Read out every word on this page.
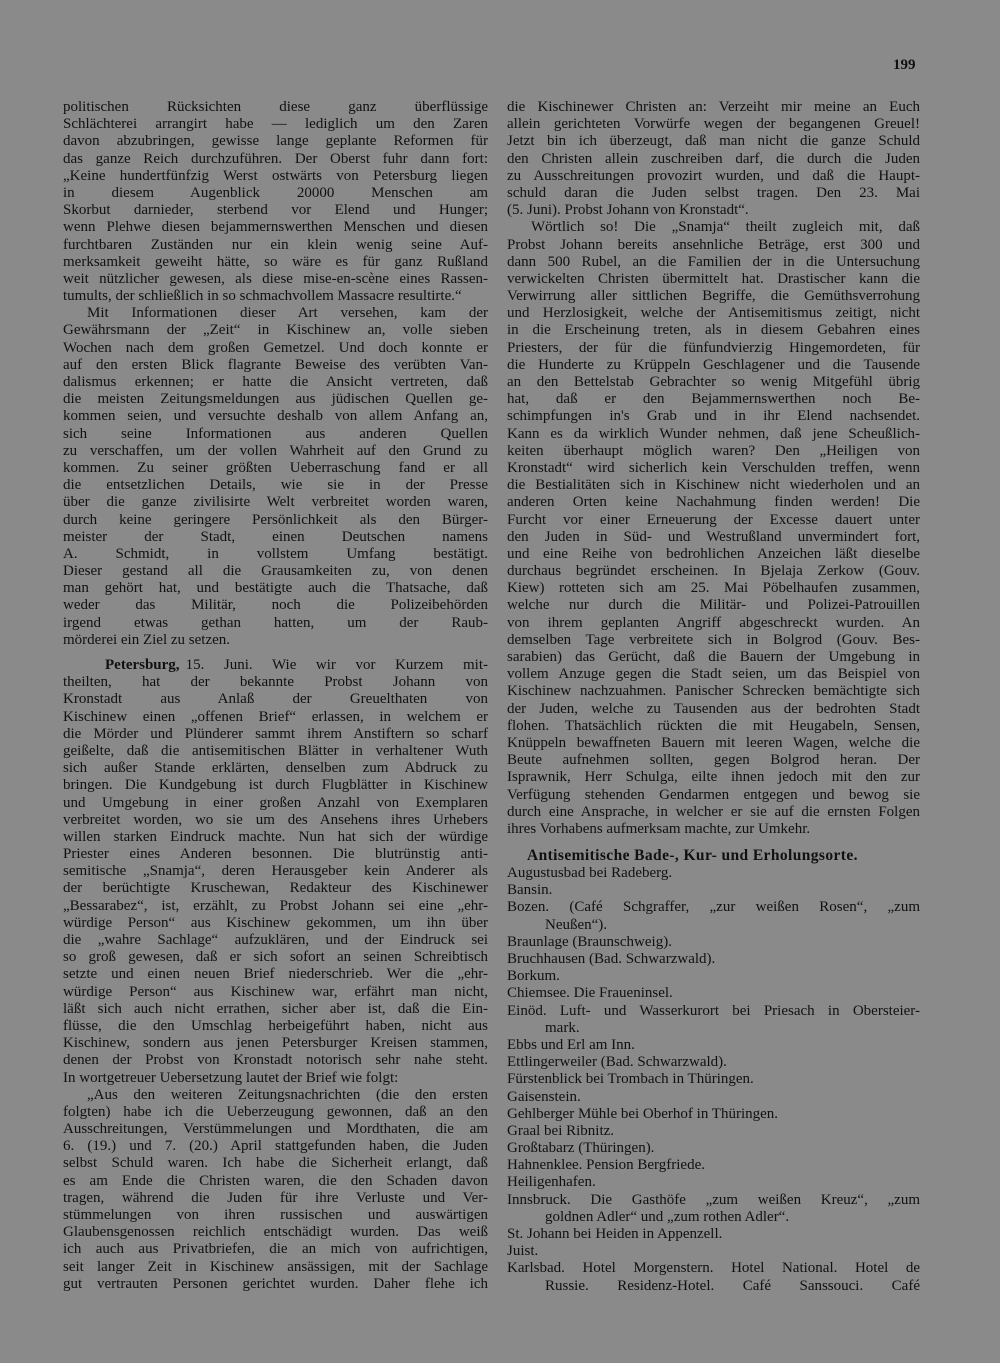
199
politischen Rücksichten diese ganz überflüssige
Schlächterei arrangirt habe — lediglich um den Zaren
davon abzubringen, gewisse lange geplante Reformen für
das ganze Reich durchzuführen. Der Oberst fuhr dann fort:
„Keine hundertfünfzig Werst ostwärts von Petersburg liegen
in diesem Augenblick 20000 Menschen am
Skorbut darnieder, sterbend vor Elend und Hunger;
wenn Plehwe diesen bejammernswerthen Menschen und diesen
furchtbaren Zuständen nur ein klein wenig seine Auf-
merksamkeit geweiht hätte, so wäre es für ganz Rußland
weit nützlicher gewesen, als diese mise-en-scène eines Rassen-
tumults, der schließlich in so schmachvollem Massacre resultirte.“
Mit Informationen dieser Art versehen, kam der
Gewährsmann der „Zeit“ in Kischinew an, volle sieben
Wochen nach dem großen Gemetzel. Und doch konnte er
auf den ersten Blick flagrante Beweise des verübten Van-
dalismus erkennen; er hatte die Ansicht vertreten, daß
die meisten Zeitungsmeldungen aus jüdischen Quellen ge-
kommen seien, und versuchte deshalb von allem Anfang an,
sich seine Informationen aus anderen Quellen
zu verschaffen, um der vollen Wahrheit auf den Grund zu
kommen. Zu seiner größten Ueberraschung fand er all
die entsetzlichen Details, wie sie in der Presse
über die ganze zivilisirte Welt verbreitet worden waren,
durch keine geringere Persönlichkeit als den Bürger-
meister der Stadt, einen Deutschen namens
A. Schmidt, in vollstem Umfang bestätigt.
Dieser gestand all die Grausamkeiten zu, von denen
man gehört hat, und bestätigte auch die Thatsache, daß
weder das Militär, noch die Polizeibehörden
irgend etwas gethan hatten, um der Raub-
mörderei ein Ziel zu setzen.
Petersburg, 15. Juni. Wie wir vor Kurzem mit-
theilten, hat der bekannte Probst Johann von
Kronstadt aus Anlaß der Greuelthaten von
Kischinew einen „offenen Brief“ erlassen, in welchem er
die Mörder und Plünderer sammt ihrem Anstiftern so scharf
geißelte, daß die antisemitischen Blätter in verhaltener Wuth
sich außer Stande erklärten, denselben zum Abdruck zu
bringen. Die Kundgebung ist durch Flugblätter in Kischinew
und Umgebung in einer großen Anzahl von Exemplaren
verbreitet worden, wo sie um des Ansehens ihres Urhebers
willen starken Eindruck machte. Nun hat sich der würdige
Priester eines Anderen besonnen. Die blutrünstig anti-
semitische „Snamja“, deren Herausgeber kein Anderer als
der berüchtigte Kruschewan, Redakteur des Kischinewer
„Bessarabez“, ist, erzählt, zu Probst Johann sei eine „ehr-
würdige Person“ aus Kischinew gekommen, um ihn über
die „wahre Sachlage“ aufzuklären, und der Eindruck sei
so groß gewesen, daß er sich sofort an seinen Schreibtisch
setzte und einen neuen Brief niederschrieb. Wer die „ehr-
würdige Person“ aus Kischinew war, erfährt man nicht,
läßt sich auch nicht errathen, sicher aber ist, daß die Ein-
flüsse, die den Umschlag herbeigeführt haben, nicht aus
Kischinew, sondern aus jenen Petersburger Kreisen stammen,
denen der Probst von Kronstadt notorisch sehr nahe steht.
In wortgetreuer Uebersetzung lautet der Brief wie folgt:
„Aus den weiteren Zeitungsnachrichten (die den ersten
folgten) habe ich die Ueberzeugung gewonnen, daß an den
Ausschreitungen, Verstümmelungen und Mordthaten, die am
6. (19.) und 7. (20.) April stattgefunden haben, die Juden
selbst Schuld waren. Ich habe die Sicherheit erlangt, daß
es am Ende die Christen waren, die den Schaden davon
tragen, während die Juden für ihre Verluste und Ver-
stümmelungen von ihren russischen und auswärtigen
Glaubensgenossen reichlich entschädigt wurden. Das weiß
ich auch aus Privatbriefen, die an mich von aufrichtigen,
seit langer Zeit in Kischinew ansässigen, mit der Sachlage
gut vertrauten Personen gerichtet wurden. Daher flehe ich
die Kischinewer Christen an: Verzeiht mir meine an Euch
allein gerichteten Vorwürfe wegen der begangenen Greuel!
Jetzt bin ich überzeugt, daß man nicht die ganze Schuld
den Christen allein zuschreiben darf, die durch die Juden
zu Ausschreitungen provozirt wurden, und daß die Haupt-
schuld daran die Juden selbst tragen. Den 23. Mai
(5. Juni). Probst Johann von Kronstadt“.
Wörtlich so! Die „Snamja“ theilt zugleich mit, daß
Probst Johann bereits ansehnliche Beträge, erst 300 und
dann 500 Rubel, an die Familien der in die Untersuchung
verwickelten Christen übermittelt hat. Drastischer kann die
Verwirrung aller sittlichen Begriffe, die Gemüthsverrohung
und Herzlosigkeit, welche der Antisemitismus zeitigt, nicht
in die Erscheinung treten, als in diesem Gebahren eines
Priesters, der für die fünfundvierzig Hingemordeten, für
die Hunderte zu Krüppeln Geschlagener und die Tausende
an den Bettelstab Gebrachter so wenig Mitgefühl übrig
hat, daß er den Bejammernswerthen noch Be-
schimpfungen in's Grab und in ihr Elend nachsendet.
Kann es da wirklich Wunder nehmen, daß jene Scheußlich-
keiten überhaupt möglich waren? Den „Heiligen von
Kronstadt“ wird sicherlich kein Verschulden treffen, wenn
die Bestialitäten sich in Kischinew nicht wiederholen und an
anderen Orten keine Nachahmung finden werden! Die
Furcht vor einer Erneuerung der Excesse dauert unter
den Juden in Süd- und Westrußland unvermindert fort,
und eine Reihe von bedrohlichen Anzeichen läßt dieselbe
durchaus begründet erscheinen. In Bjelaja Zerkow (Gouv.
Kiew) rotteten sich am 25. Mai Pöbelhaufen zusammen,
welche nur durch die Militär- und Polizei-Patrouillen
von ihrem geplanten Angriff abgeschreckt wurden. An
demselben Tage verbreitete sich in Bolgrod (Gouv. Bes-
sarabien) das Gerücht, daß die Bauern der Umgebung in
vollem Anzuge gegen die Stadt seien, um das Beispiel von
Kischinew nachzuahmen. Panischer Schrecken bemächtigte sich
der Juden, welche zu Tausenden aus der bedrohten Stadt
flohen. Thatsächlich rückten die mit Heugabeln, Sensen,
Knüppeln bewaffneten Bauern mit leeren Wagen, welche die
Beute aufnehmen sollten, gegen Bolgrod heran. Der
Isprawnik, Herr Schulga, eilte ihnen jedoch mit den zur
Verfügung stehenden Gendarmen entgegen und bewog sie
durch eine Ansprache, in welcher er sie auf die ernsten Folgen
ihres Vorhabens aufmerksam machte, zur Umkehr.
Antisemitische Bade-, Kur- und Erholungsorte.
Augustusbad bei Radeberg.
Bansin.
Bozen. (Café Schgraffer, „zur weißen Rosen“, „zum
Neußen“).
Braunlage (Braunschweig).
Bruchhausen (Bad. Schwarzwald).
Borkum.
Chiemsee. Die Fraueninsel.
Einöd. Luft- und Wasserkurort bei Priesach in Obersteier-
mark.
Ebbs und Erl am Inn.
Ettlingerweiler (Bad. Schwarzwald).
Fürstenblick bei Trombach in Thüringen.
Gaisenstein.
Gehlberger Mühle bei Oberhof in Thüringen.
Graal bei Ribnitz.
Großtabarz (Thüringen).
Hahnenklee. Pension Bergfriede.
Heiligenhafen.
Innsbruck. Die Gasthöfe „zum weißen Kreuz“, „zum
goldnen Adler“ und „zum rothen Adler“.
St. Johann bei Heiden in Appenzell.
Juist.
Karlsbad. Hotel Morgenstern. Hotel National. Hotel de
Russie. Residenz-Hotel. Café Sanssouci. Café
